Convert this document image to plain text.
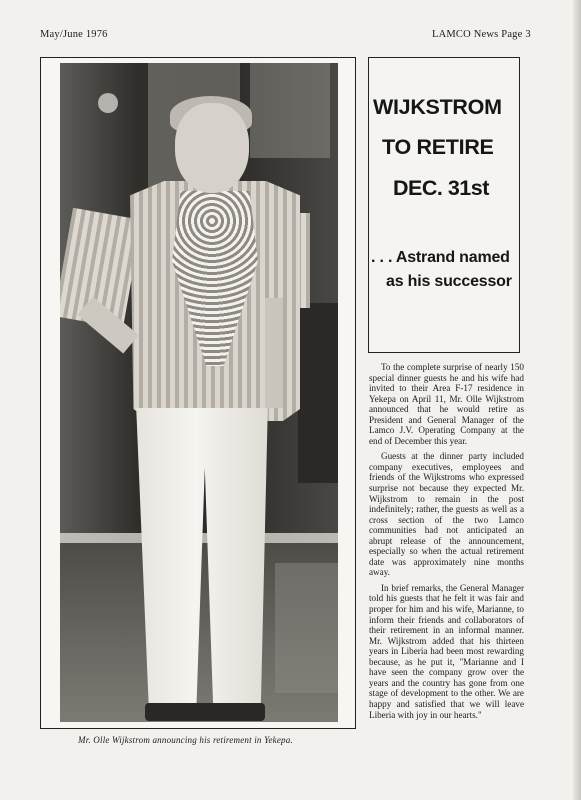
May/June 1976	LAMCO News Page 3
Mr. Olle Wijkstrom announcing his retirement in Yekepa.
WIJKSTROM
TO RETIRE
DEC. 31st
. . . Astrand named
as his successor

To the complete surprise of nearly 150 special dinner guests he and his wife had invited to their Area F-17 residence in Yekepa on April 11, Mr. Olle Wijkstrom announced that he would retire as President and General Manager of the Lamco J.V. Operating Company at the end of December this year.

Guests at the dinner party included company executives, employees and friends of the Wijkstroms who expressed surprise not because they expected Mr. Wijkstrom to remain in the post indefinitely; rather, the guests as well as a cross section of the two Lamco communities had not anticipated an abrupt release of the announcement, especially so when the actual retirement date was approximately nine months away.

In brief remarks, the General Manager told his guests that he felt it was fair and proper for him and his wife, Marianne, to inform their friends and collaborators of their retirement in an informal manner. Mr. Wijkstrom added that his thirteen years in Liberia had been most rewarding because, as he put it, "Marianne and I have seen the company grow over the years and the country has gone from one stage of development to the other. We are happy and satisfied that we will leave Liberia with joy in our hearts."
